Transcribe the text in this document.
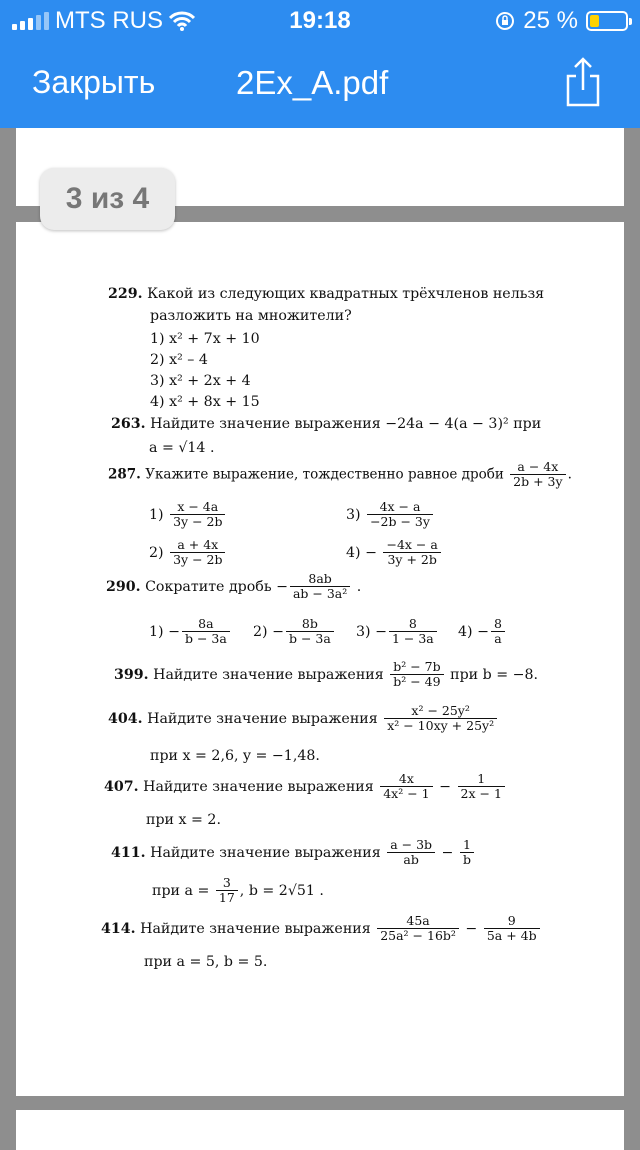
MTS RUS	19:18	25 %
Закрыть 2Ex_A.pdf
229. Какой из следующих квадратных трёхчленов нельзя
разложить на множители?
1) x² + 7x + 10
2) x² – 4
3) x² + 2x + 4
4) x² + 8x + 15
263. Найдите значение выражения −24a − 4(a − 3)² при
a = √14 .
287. Укажите выражение, тождественно равное дроби $\frac{a - 4x}{2b + 3y}$ .
$1) \frac{x - 4a}{3y - 2b}$	$3) \frac{4x - a}{-2b - 3y}$
$2) \frac{a + 4x}{3y - 2b}$	$4) - \frac{-4x - a}{3y + 2b}$
290. Сократите дробь − $\frac{8ab}{\text{ab − 3a²}}$ .
$1) - \frac{8a}{b - 3a} 2) - \frac{8b}{b - 3a} 3) - \frac{8}{1 - 3a} 4) - \frac{8}{a}$
399. Найдите значение выражения $\frac{\text{b² − 7b}}{\text{b² − 49}}$ при b = −8.
404. Найдите значение выражения $\frac{\text{x² − 25y²}}{\text{x² − 10xy + 25y²}}$
при x = 2,6, y = −1,48.
407. Найдите значение выражения $\frac{4x}{\text{4x² − 1}} - \frac{1}{2x - 1}$
при x = 2.
411. Найдите значение выражения $\frac{a - 3b}{ab} - \frac{1}{b}$
при $a = \frac{3}{17}$ , b = 2√51 .
414. Найдите значение выражения $\frac{45a}{\text{25a² − 16b²}} - \frac{9}{5a + 4b}$
при a = 5, b = 5.
3 из 4
